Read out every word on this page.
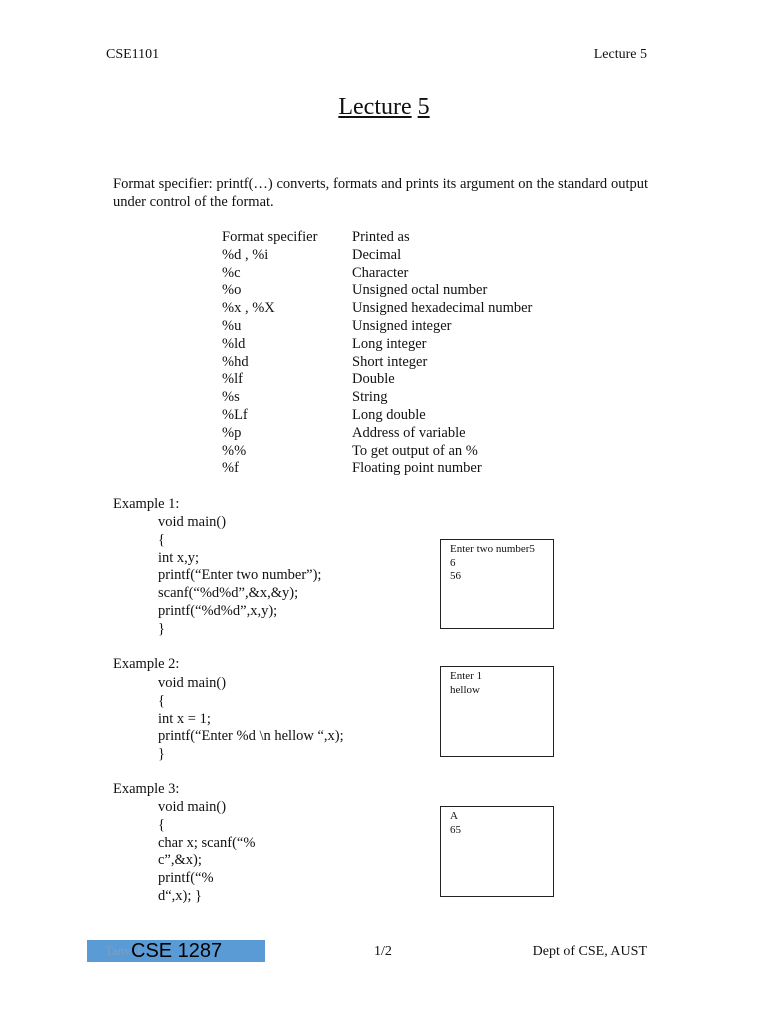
CSE1101	Lecture 5
Lecture 5
Format specifier: printf(…) converts, formats and prints its argument on the standard output under control of the format.
Format specifier Printed as
%d , %i	Decimal
%c	Character
%o	Unsigned octal number
%x , %X	Unsigned hexadecimal number
%u	Unsigned integer
%ld	Long integer
%hd	Short integer
%lf	Double
%s	String
%Lf	Long double
%p	Address of variable
%%	To get output of an %
%f	Floating point number
Example 1:
void main()
{
int x,y;
printf(“Enter two number”);
scanf(“%d%d”,&x,&y);
printf(“%d%d”,x,y);
}
Enter two number5
6
56
Example 2:
void main()
{
int x = 1;
printf(“Enter %d \n hellow “,x);
}
Enter 1
hellow
Example 3:
void main()
{
char x; scanf(“%
c”,&x);
printf(“%
d“,x); }
A
65
Tanv d
CSE 1287	1/2	Dept of CSE, AUST
